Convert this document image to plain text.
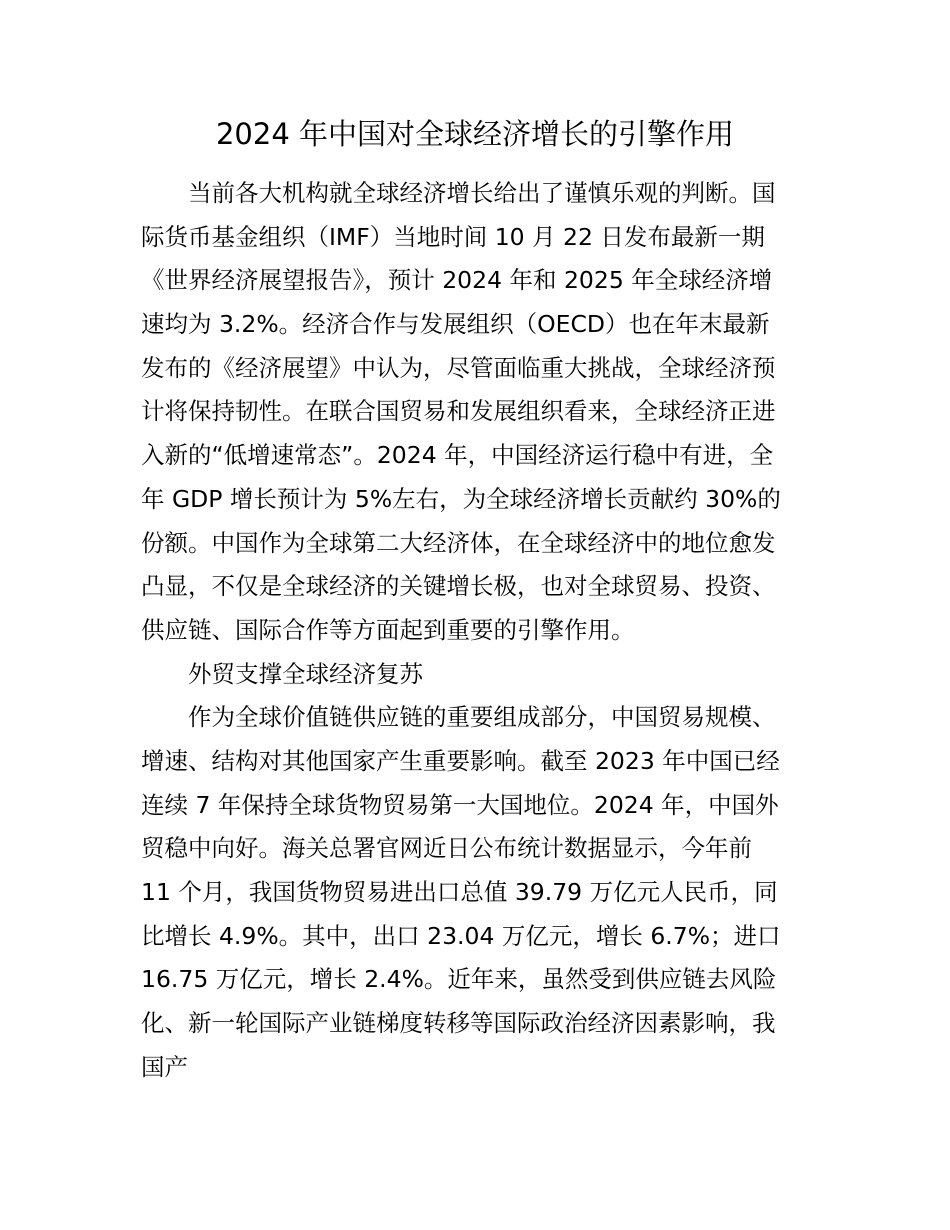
2024 年中国对全球经济增长的引擎作用
　　当前各大机构就全球经济增长给出了谨慎乐观的判断。国
际货币基金组织（IMF）当地时间 10 月 22 日发布最新一期
《世界经济展望报告》，预计 2024 年和 2025 年全球经济增
速均为 3.2%。经济合作与发展组织（OECD）也在年末最新
发布的《经济展望》中认为，尽管面临重大挑战，全球经济预
计将保持韧性。在联合国贸易和发展组织看来，全球经济正进
入新的“低增速常态”。2024 年，中国经济运行稳中有进，全
年 GDP 增长预计为 5%左右，为全球经济增长贡献约 30%的
份额。中国作为全球第二大经济体，在全球经济中的地位愈发
凸显，不仅是全球经济的关键增长极，也对全球贸易、投资、
供应链、国际合作等方面起到重要的引擎作用。
　　外贸支撑全球经济复苏
　　作为全球价值链供应链的重要组成部分，中国贸易规模、
增速、结构对其他国家产生重要影响。截至 2023 年中国已经
连续 7 年保持全球货物贸易第一大国地位。2024 年，中国外
贸稳中向好。海关总署官网近日公布统计数据显示，今年前
11 个月，我国货物贸易进出口总值 39.79 万亿元人民币，同
比增长 4.9%。其中，出口 23.04 万亿元，增长 6.7%；进口
16.75 万亿元，增长 2.4%。近年来，虽然受到供应链去风险
化、新一轮国际产业链梯度转移等国际政治经济因素影响，我
国产
